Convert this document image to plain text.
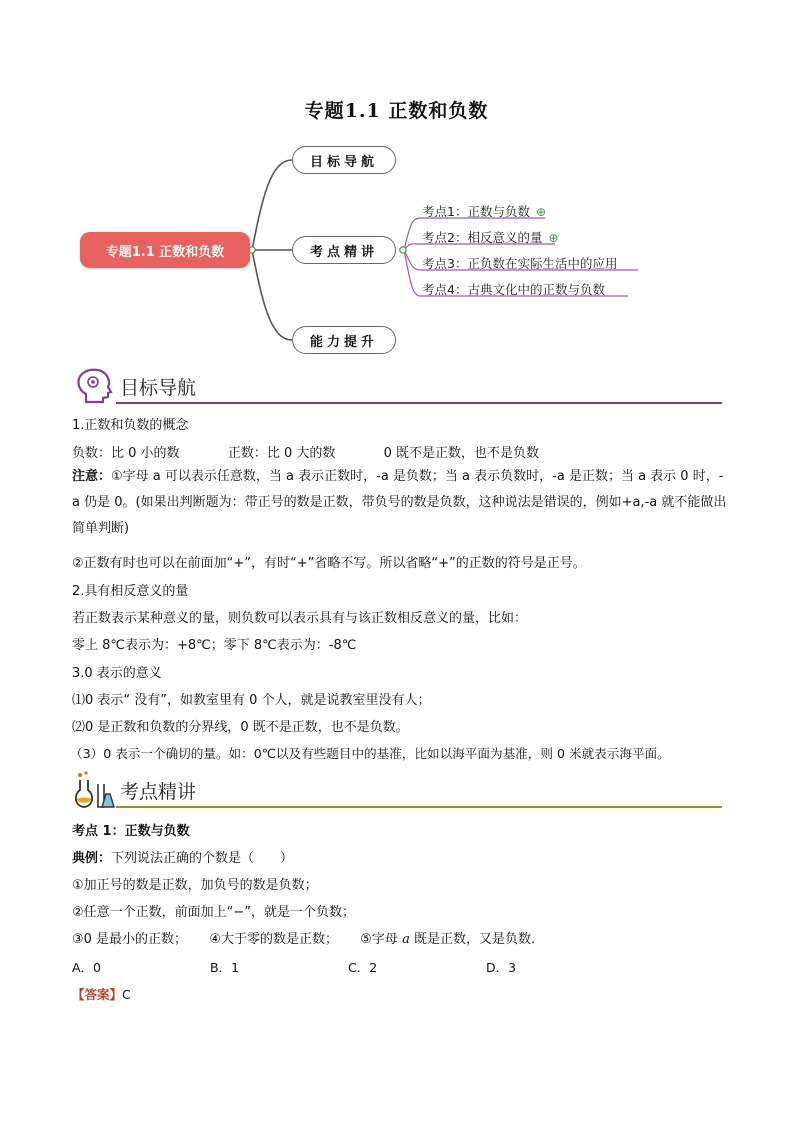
专题1.1 正数和负数
专题1.1 正数和负数
目标导航
考点精讲
能力提升
考点1：正数与负数 ⊕
考点2：相反意义的量 ⊕
考点3：正负数在实际生活中的应用
考点4：古典文化中的正数与负数
目标导航
1.正数和负数的概念
负数：比 0 小的数	正数：比 0 大的数	0 既不是正数，也不是负数
注意：①字母 a 可以表示任意数，当 a 表示正数时，-a 是负数；当 a 表示负数时，-a 是正数；当 a 表示 0 时，-a 仍是 0。(如果出判断题为：带正号的数是正数，带负号的数是负数，这种说法是错误的，例如+a,-a 就不能做出简单判断)
②正数有时也可以在前面加“+”，有时“+”省略不写。所以省略“+”的正数的符号是正号。
2.具有相反意义的量
若正数表示某种意义的量，则负数可以表示具有与该正数相反意义的量，比如：
零上 8℃表示为：+8℃；零下 8℃表示为：-8℃
3.0 表示的意义
⑴0 表示“ 没有”，如教室里有 0 个人，就是说教室里没有人；
⑵0 是正数和负数的分界线，0 既不是正数，也不是负数。
（3）0 表示一个确切的量。如：0℃以及有些题目中的基准，比如以海平面为基准，则 0 米就表示海平面。
考点精讲
考点 1：正数与负数
典例：下列说法正确的个数是（　　）
①加正号的数是正数，加负号的数是负数；
②任意一个正数，前面加上“−”，就是一个负数；
③0 是最小的正数； ④大于零的数是正数； ⑤字母 a 既是正数，又是负数．
A．0	B．1	C．2	D．3
【答案】C
